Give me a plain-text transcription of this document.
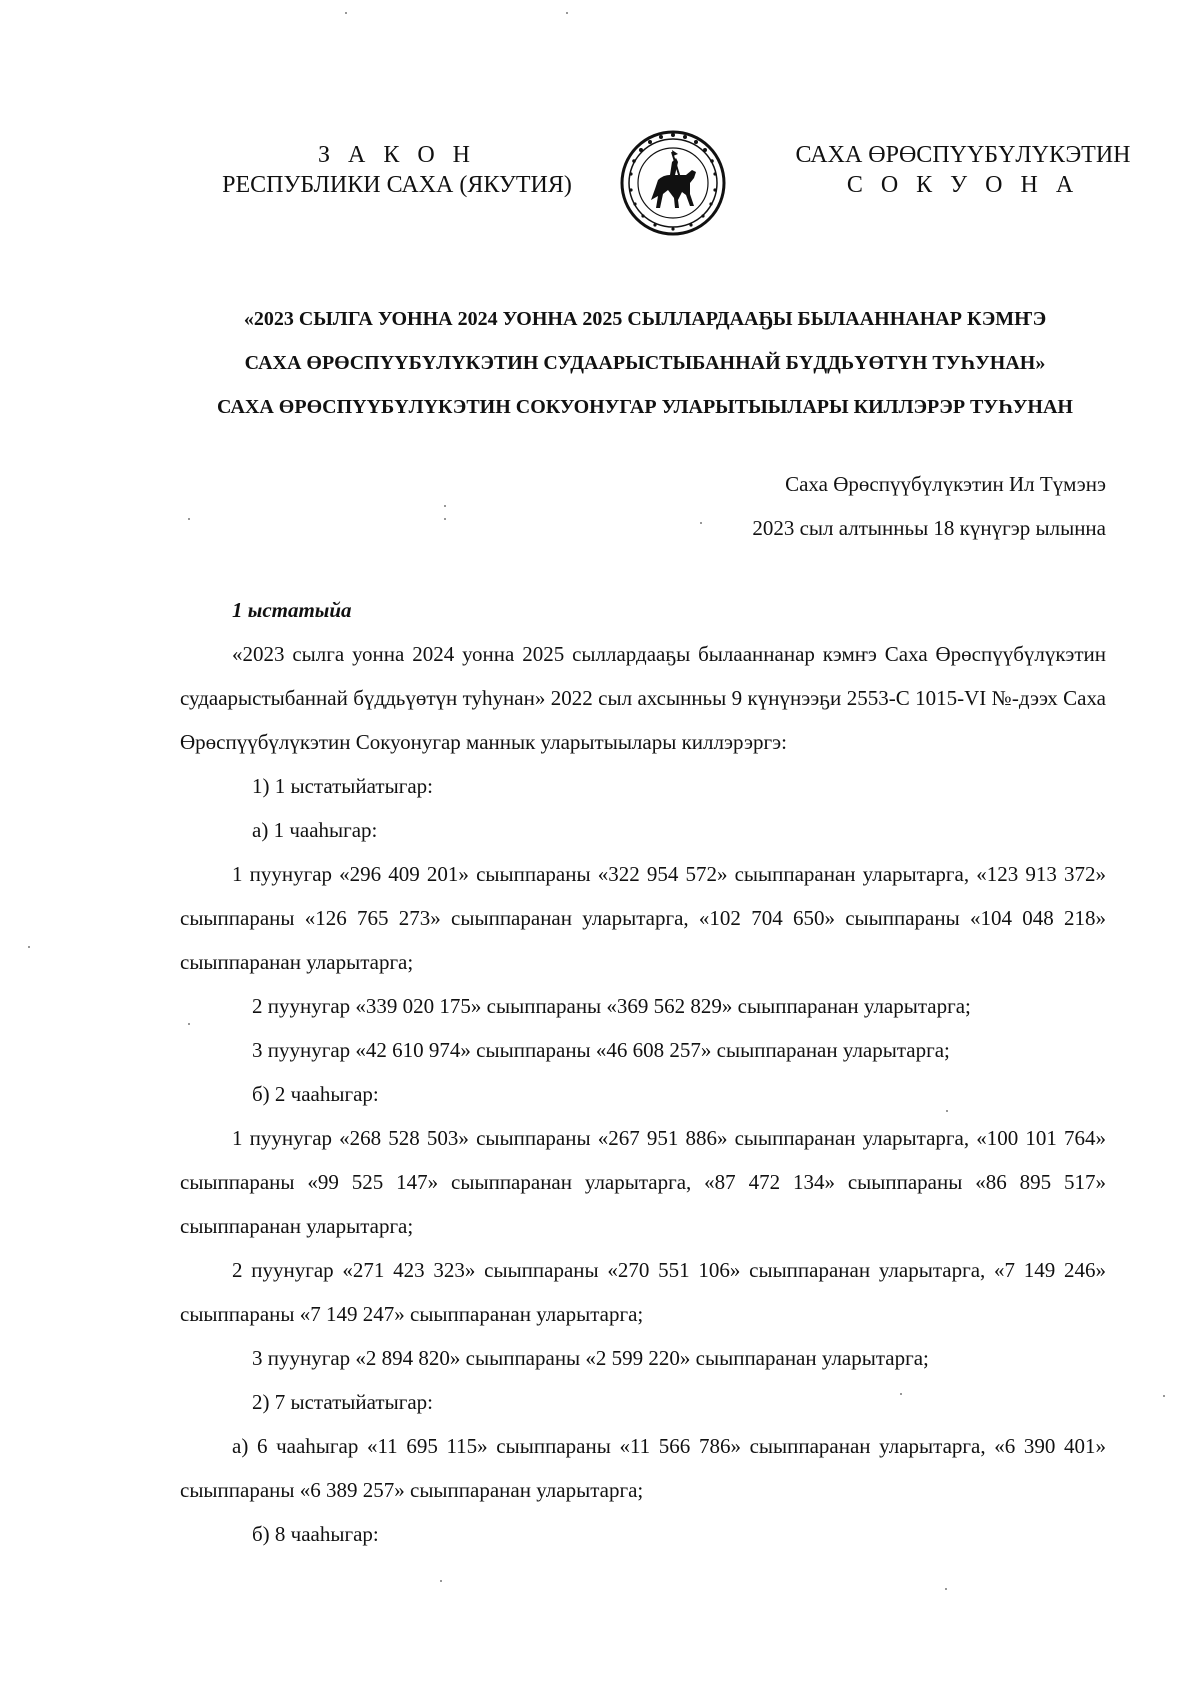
З А К О Н
РЕСПУБЛИКИ САХА (ЯКУТИЯ)
САХА ӨРӨСПҮҮБҮЛҮКЭТИН
С О К У О Н А
«2023 СЫЛГА УОННА 2024 УОННА 2025 СЫЛЛАРДААҔЫ БЫЛААННАНАР КЭМҤЭ
САХА ӨРӨСПҮҮБҮЛҮКЭТИН СУДААРЫСТЫБАННАЙ БҮДДЬҮӨТҮН ТУҺУНАН»
САХА ӨРӨСПҮҮБҮЛҮКЭТИН СОКУОНУГАР УЛАРЫТЫЫЛАРЫ КИЛЛЭРЭР ТУҺУНАН
Саха Өрөспүүбүлүкэтин Ил Түмэнэ
2023 сыл алтынньы 18 күнүгэр ылынна
1 ыстатыйа

«2023 сылга уонна 2024 уонна 2025 сыллардааҕы былааннанар кэмҥэ Саха Өрөспүүбүлүкэтин судаарыстыбаннай бүддьүөтүн туһунан» 2022 сыл ахсынньы 9 күнүнээҕи 2553-С 1015-VI №-дээх Саха Өрөспүүбүлүкэтин Сокуонугар маннык уларытыылары киллэрэргэ:

1) 1 ыстатыйатыгар:

а) 1 чааһыгар:

1 пуунугар «296 409 201» сыыппараны «322 954 572» сыыппаранан уларытарга, «123 913 372» сыыппараны «126 765 273» сыыппаранан уларытарга, «102 704 650» сыыппараны «104 048 218» сыыппаранан уларытарга;

2 пуунугар «339 020 175» сыыппараны «369 562 829» сыыппаранан уларытарга;

3 пуунугар «42 610 974» сыыппараны «46 608 257» сыыппаранан уларытарга;

б) 2 чааһыгар:

1 пуунугар «268 528 503» сыыппараны «267 951 886» сыыппаранан уларытарга, «100 101 764» сыыппараны «99 525 147» сыыппаранан уларытарга, «87 472 134» сыыппараны «86 895 517» сыыппаранан уларытарга;

2 пуунугар «271 423 323» сыыппараны «270 551 106» сыыппаранан уларытарга, «7 149 246» сыыппараны «7 149 247» сыыппаранан уларытарга;

3 пуунугар «2 894 820» сыыппараны «2 599 220» сыыппаранан уларытарга;

2) 7 ыстатыйатыгар:

а) 6 чааһыгар «11 695 115» сыыппараны «11 566 786» сыыппаранан уларытарга, «6 390 401» сыыппараны «6 389 257» сыыппаранан уларытарга;

б) 8 чааһыгар:
